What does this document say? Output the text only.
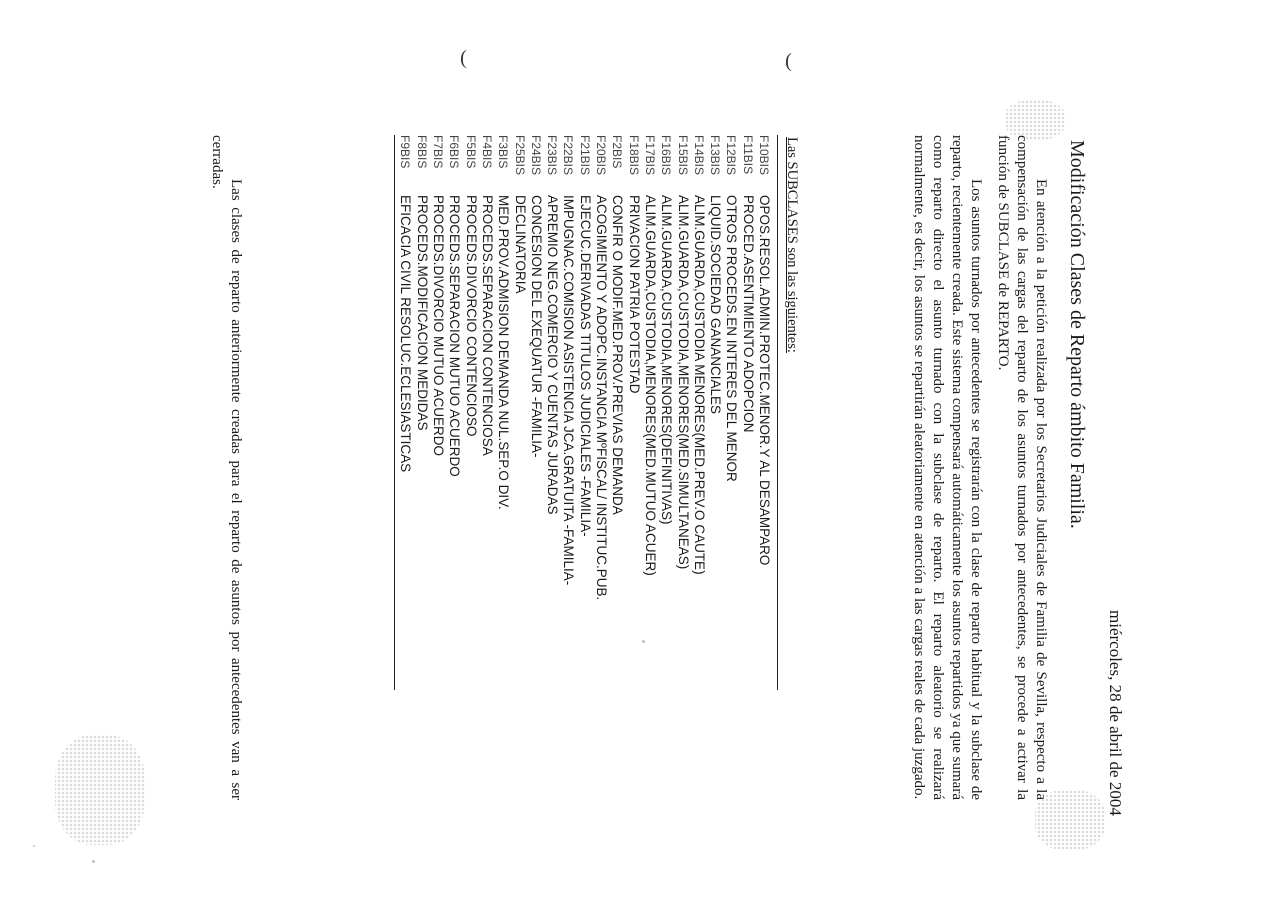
(	(
miércoles, 28 de abril de 2004
Modificación Clases de Reparto ámbito Familia.

En atención a la petición realizada por los Secretarios Judiciales de Familia de Sevilla, respecto a la compensación de las cargas del reparto de los asuntos turnados por antecedentes, se procede a activar la función de SUBCLASE de REPARTO.

Los asuntos turnados por antecedentes se registrarán con la clase de reparto habitual y la subclase de reparto, recientemente creada. Este sistema compensará automáticamente los asuntos repartidos ya que sumará como reparto directo el asunto turnado con la subclase de reparto. El reparto aleatorio se realizará normalmente, es decir, los asuntos se repartirán aleatoriamente en atención a las cargas reales de cada juzgado.

Las SUBCLASES son las siguientes:
F10BIS
OPOS.RESOL.ADMIN.PROTEC.MENOR.Y AL DESAMPARO
F11BIS
PROCED.ASENTIMIENTO ADOPCION
F12BIS
OTROS PROCEDS.EN INTERES DEL MENOR
F13BIS
LIQUID.SOCIEDAD GANANCIALES
F14BIS
ALIM.GUARDA,CUSTODIA MENORES(MED.PREV.O CAUTE)
F15BIS
ALIM.GUARDA,CUSTODIA,MENORES(MED.SIMULTANEAS)
F16BIS
ALIM.GUARDA,CUSTODIA,MENORES(DEFINITIVAS)
F17BIS
ALIM.GUARDA,CUSTODIA,MENORES(MED.MUTUO ACUER)
F18BIS
PRIVACION PATRIA POTESTAD
F2BIS
CONFIR O MODIF.MED.PROV.PREVIAS DEMANDA
F20BIS
ACOGIMIENTO Y ADOPC.INSTANCIA MºFISCAL/ INSTITUC.PUB.
F21BIS
EJECUC.DERIVADAS TITULOS JUDICIALES -FAMILIA-
F22BIS
IMPUGNAC.COMISION ASISTENCIA JCA.GRATUITA -FAMILIA-
F23BIS
APREMIO NEG.COMERCIO Y CUENTAS JURADAS
F24BIS
CONCESION DEL EXEQUATUR -FAMILIA-
F25BIS
DECLINATORIA
F3BIS
MED.PROV.ADMISION DEMANDA NUL.SEP.O DIV.
F4BIS
PROCEDS.SEPARACION CONTENCIOSA
F5BIS
PROCEDS.DIVORCIO CONTENCIOSO
F6BIS
PROCEDS.SEPARACION MUTUO ACUERDO
F7BIS
PROCEDS.DIVORCIO MUTUO ACUERDO
F8BIS
PROCEDS.MODIFICACION MEDIDAS
F9BIS
EFICACIA CIVIL RESOLUC.ECLESIASTICAS

Las clases de reparto anteriormente creadas para el reparto de asuntos por antecedentes van a ser cerradas.
